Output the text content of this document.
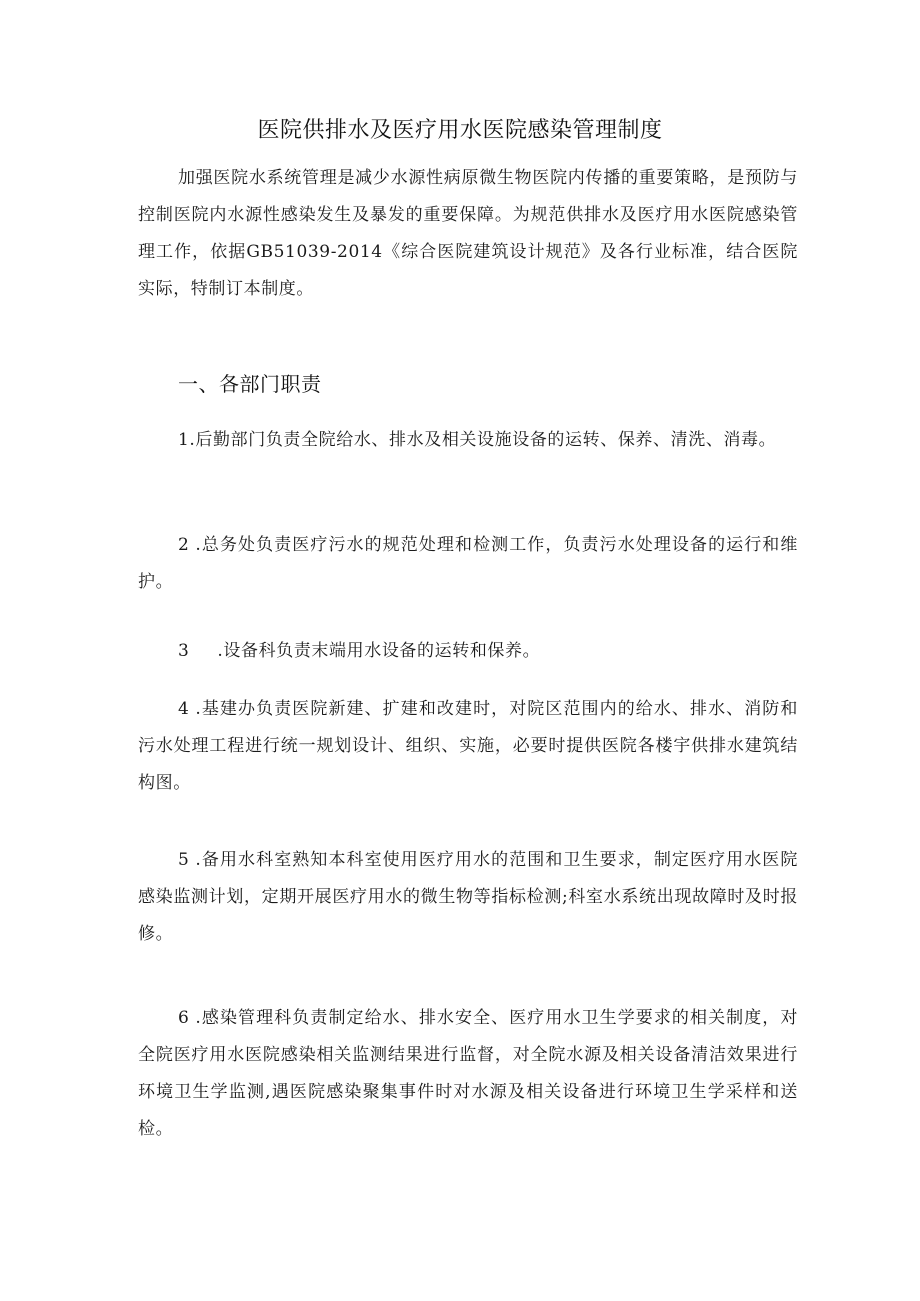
医院供排水及医疗用水医院感染管理制度

加强医院水系统管理是减少水源性病原微生物医院内传播的重要策略，是预防与控制医院内水源性感染发生及暴发的重要保障。为规范供排水及医疗用水医院感染管理工作，依据GB51039-2014《综合医院建筑设计规范》及各行业标准，结合医院实际，特制订本制度。

一、各部门职责

1.后勤部门负责全院给水、排水及相关设施设备的运转、保养、清洗、消毒。

2 .总务处负责医疗污水的规范处理和检测工作，负责污水处理设备的运行和维护。

3 .设备科负责末端用水设备的运转和保养。

4 .基建办负责医院新建、扩建和改建时，对院区范围内的给水、排水、消防和污水处理工程进行统一规划设计、组织、实施，必要时提供医院各楼宇供排水建筑结构图。

5 .备用水科室熟知本科室使用医疗用水的范围和卫生要求，制定医疗用水医院感染监测计划，定期开展医疗用水的微生物等指标检测;科室水系统出现故障时及时报修。

6 .感染管理科负责制定给水、排水安全、医疗用水卫生学要求的相关制度，对全院医疗用水医院感染相关监测结果进行监督，对全院水源及相关设备清洁效果进行环境卫生学监测,遇医院感染聚集事件时对水源及相关设备进行环境卫生学采样和送检。
